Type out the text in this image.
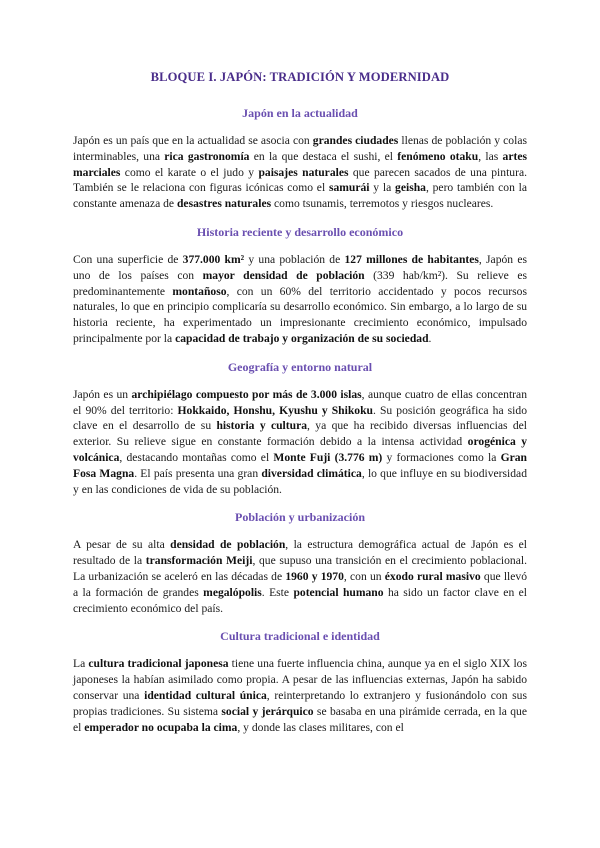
BLOQUE I. JAPÓN: TRADICIÓN Y MODERNIDAD
Japón en la actualidad

Japón es un país que en la actualidad se asocia con grandes ciudades llenas de población y colas interminables, una rica gastronomía en la que destaca el sushi, el fenómeno otaku, las artes marciales como el karate o el judo y paisajes naturales que parecen sacados de una pintura. También se le relaciona con figuras icónicas como el samurái y la geisha, pero también con la constante amenaza de desastres naturales como tsunamis, terremotos y riesgos nucleares.

Historia reciente y desarrollo económico

Con una superficie de 377.000 km² y una población de 127 millones de habitantes, Japón es uno de los países con mayor densidad de población (339 hab/km²). Su relieve es predominantemente montañoso, con un 60% del territorio accidentado y pocos recursos naturales, lo que en principio complicaría su desarrollo económico. Sin embargo, a lo largo de su historia reciente, ha experimentado un impresionante crecimiento económico, impulsado principalmente por la capacidad de trabajo y organización de su sociedad.

Geografía y entorno natural

Japón es un archipiélago compuesto por más de 3.000 islas, aunque cuatro de ellas concentran el 90% del territorio: Hokkaido, Honshu, Kyushu y Shikoku. Su posición geográfica ha sido clave en el desarrollo de su historia y cultura, ya que ha recibido diversas influencias del exterior. Su relieve sigue en constante formación debido a la intensa actividad orogénica y volcánica, destacando montañas como el Monte Fuji (3.776 m) y formaciones como la Gran Fosa Magna. El país presenta una gran diversidad climática, lo que influye en su biodiversidad y en las condiciones de vida de su población.

Población y urbanización

A pesar de su alta densidad de población, la estructura demográfica actual de Japón es el resultado de la transformación Meiji, que supuso una transición en el crecimiento poblacional. La urbanización se aceleró en las décadas de 1960 y 1970, con un éxodo rural masivo que llevó a la formación de grandes megalópolis. Este potencial humano ha sido un factor clave en el crecimiento económico del país.

Cultura tradicional e identidad

La cultura tradicional japonesa tiene una fuerte influencia china, aunque ya en el siglo XIX los japoneses la habían asimilado como propia. A pesar de las influencias externas, Japón ha sabido conservar una identidad cultural única, reinterpretando lo extranjero y fusionándolo con sus propias tradiciones. Su sistema social y jerárquico se basaba en una pirámide cerrada, en la que el emperador no ocupaba la cima, y donde las clases militares, con el
